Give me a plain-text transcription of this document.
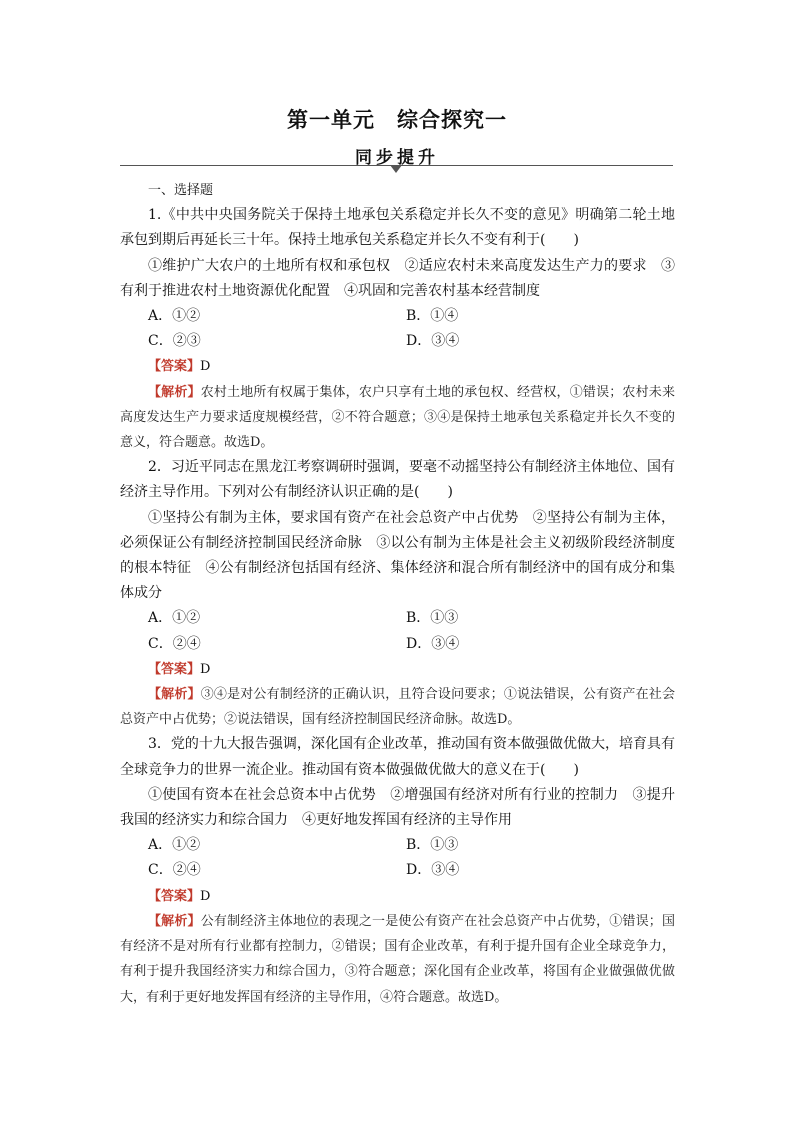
第一单元　综合探究一
同步提升
一、选择题

1.《中共中央国务院关于保持土地承包关系稳定并长久不变的意见》明确第二轮土地承包到期后再延长三十年。保持土地承包关系稳定并长久不变有利于(　　)

①维护广大农户的土地所有权和承包权　②适应农村未来高度发达生产力的要求　③有利于推进农村土地资源优化配置　④巩固和完善农村基本经营制度

A．①②	B．①④
C．②③	D．③④

【答案】D

【解析】农村土地所有权属于集体，农户只享有土地的承包权、经营权，①错误；农村未来高度发达生产力要求适度规模经营，②不符合题意；③④是保持土地承包关系稳定并长久不变的意义，符合题意。故选D。

2．习近平同志在黑龙江考察调研时强调，要毫不动摇坚持公有制经济主体地位、国有经济主导作用。下列对公有制经济认识正确的是(　　)

①坚持公有制为主体，要求国有资产在社会总资产中占优势　②坚持公有制为主体，必须保证公有制经济控制国民经济命脉　③以公有制为主体是社会主义初级阶段经济制度的根本特征　④公有制经济包括国有经济、集体经济和混合所有制经济中的国有成分和集体成分

A．①②	B．①③
C．②④	D．③④

【答案】D

【解析】③④是对公有制经济的正确认识，且符合设问要求；①说法错误，公有资产在社会总资产中占优势；②说法错误，国有经济控制国民经济命脉。故选D。

3．党的十九大报告强调，深化国有企业改革，推动国有资本做强做优做大，培育具有全球竞争力的世界一流企业。推动国有资本做强做优做大的意义在于(　　)

①使国有资本在社会总资本中占优势　②增强国有经济对所有行业的控制力　③提升我国的经济实力和综合国力　④更好地发挥国有经济的主导作用

A．①②	B．①③
C．②④	D．③④

【答案】D

【解析】公有制经济主体地位的表现之一是使公有资产在社会总资产中占优势，①错误；国有经济不是对所有行业都有控制力，②错误；国有企业改革，有利于提升国有企业全球竞争力，有利于提升我国经济实力和综合国力，③符合题意；深化国有企业改革，将国有企业做强做优做大，有利于更好地发挥国有经济的主导作用，④符合题意。故选D。
